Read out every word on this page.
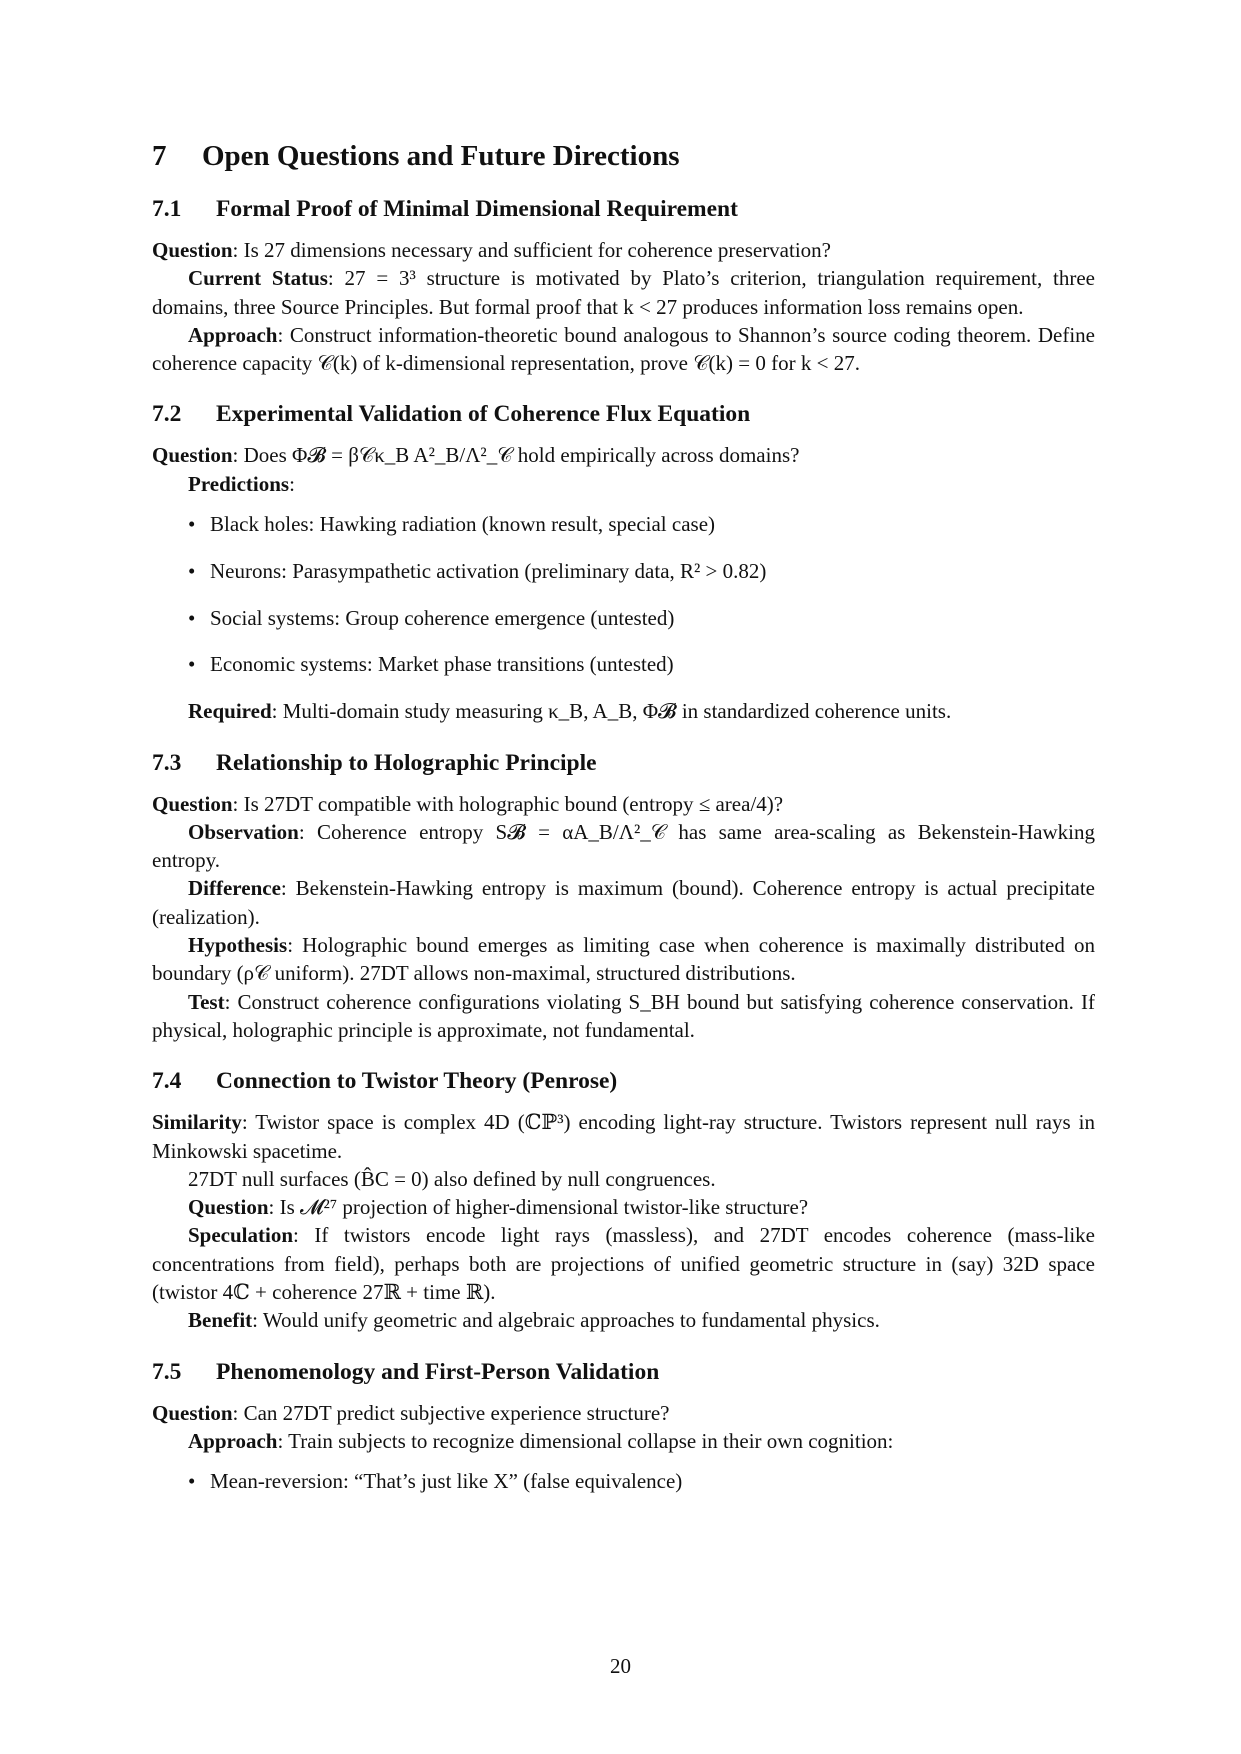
7 Open Questions and Future Directions
7.1 Formal Proof of Minimal Dimensional Requirement

Question: Is 27 dimensions necessary and sufficient for coherence preservation?

Current Status: 27 = 3³ structure is motivated by Plato’s criterion, triangulation requirement, three domains, three Source Principles. But formal proof that k < 27 produces information loss remains open.

Approach: Construct information-theoretic bound analogous to Shannon’s source coding theorem. Define coherence capacity 𝒞(k) of k-dimensional representation, prove 𝒞(k) = 0 for k < 27.

7.2 Experimental Validation of Coherence Flux Equation

Question: Does Φ𝓑 = β𝒞κ_B A²_B/Λ²_𝒞 hold empirically across domains?

Predictions:

• Black holes: Hawking radiation (known result, special case)
• Neurons: Parasympathetic activation (preliminary data, R² > 0.82)
• Social systems: Group coherence emergence (untested)
• Economic systems: Market phase transitions (untested)

Required: Multi-domain study measuring κ_B, A_B, Φ𝓑 in standardized coherence units.

7.3 Relationship to Holographic Principle

Question: Is 27DT compatible with holographic bound (entropy ≤ area/4)?

Observation: Coherence entropy S𝓑 = αA_B/Λ²_𝒞 has same area-scaling as Bekenstein-Hawking entropy.

Difference: Bekenstein-Hawking entropy is maximum (bound). Coherence entropy is actual precipitate (realization).

Hypothesis: Holographic bound emerges as limiting case when coherence is maximally distributed on boundary (ρ𝒞 uniform). 27DT allows non-maximal, structured distributions.

Test: Construct coherence configurations violating S_BH bound but satisfying coherence conservation. If physical, holographic principle is approximate, not fundamental.

7.4 Connection to Twistor Theory (Penrose)

Similarity: Twistor space is complex 4D (ℂℙ³) encoding light-ray structure. Twistors represent null rays in Minkowski spacetime.

27DT null surfaces (B̂C = 0) also defined by null congruences.

Question: Is 𝓜²⁷ projection of higher-dimensional twistor-like structure?

Speculation: If twistors encode light rays (massless), and 27DT encodes coherence (mass-like concentrations from field), perhaps both are projections of unified geometric structure in (say) 32D space (twistor 4ℂ + coherence 27ℝ + time ℝ).

Benefit: Would unify geometric and algebraic approaches to fundamental physics.

7.5 Phenomenology and First-Person Validation

Question: Can 27DT predict subjective experience structure?

Approach: Train subjects to recognize dimensional collapse in their own cognition:

• Mean-reversion: “That’s just like X” (false equivalence)
20
